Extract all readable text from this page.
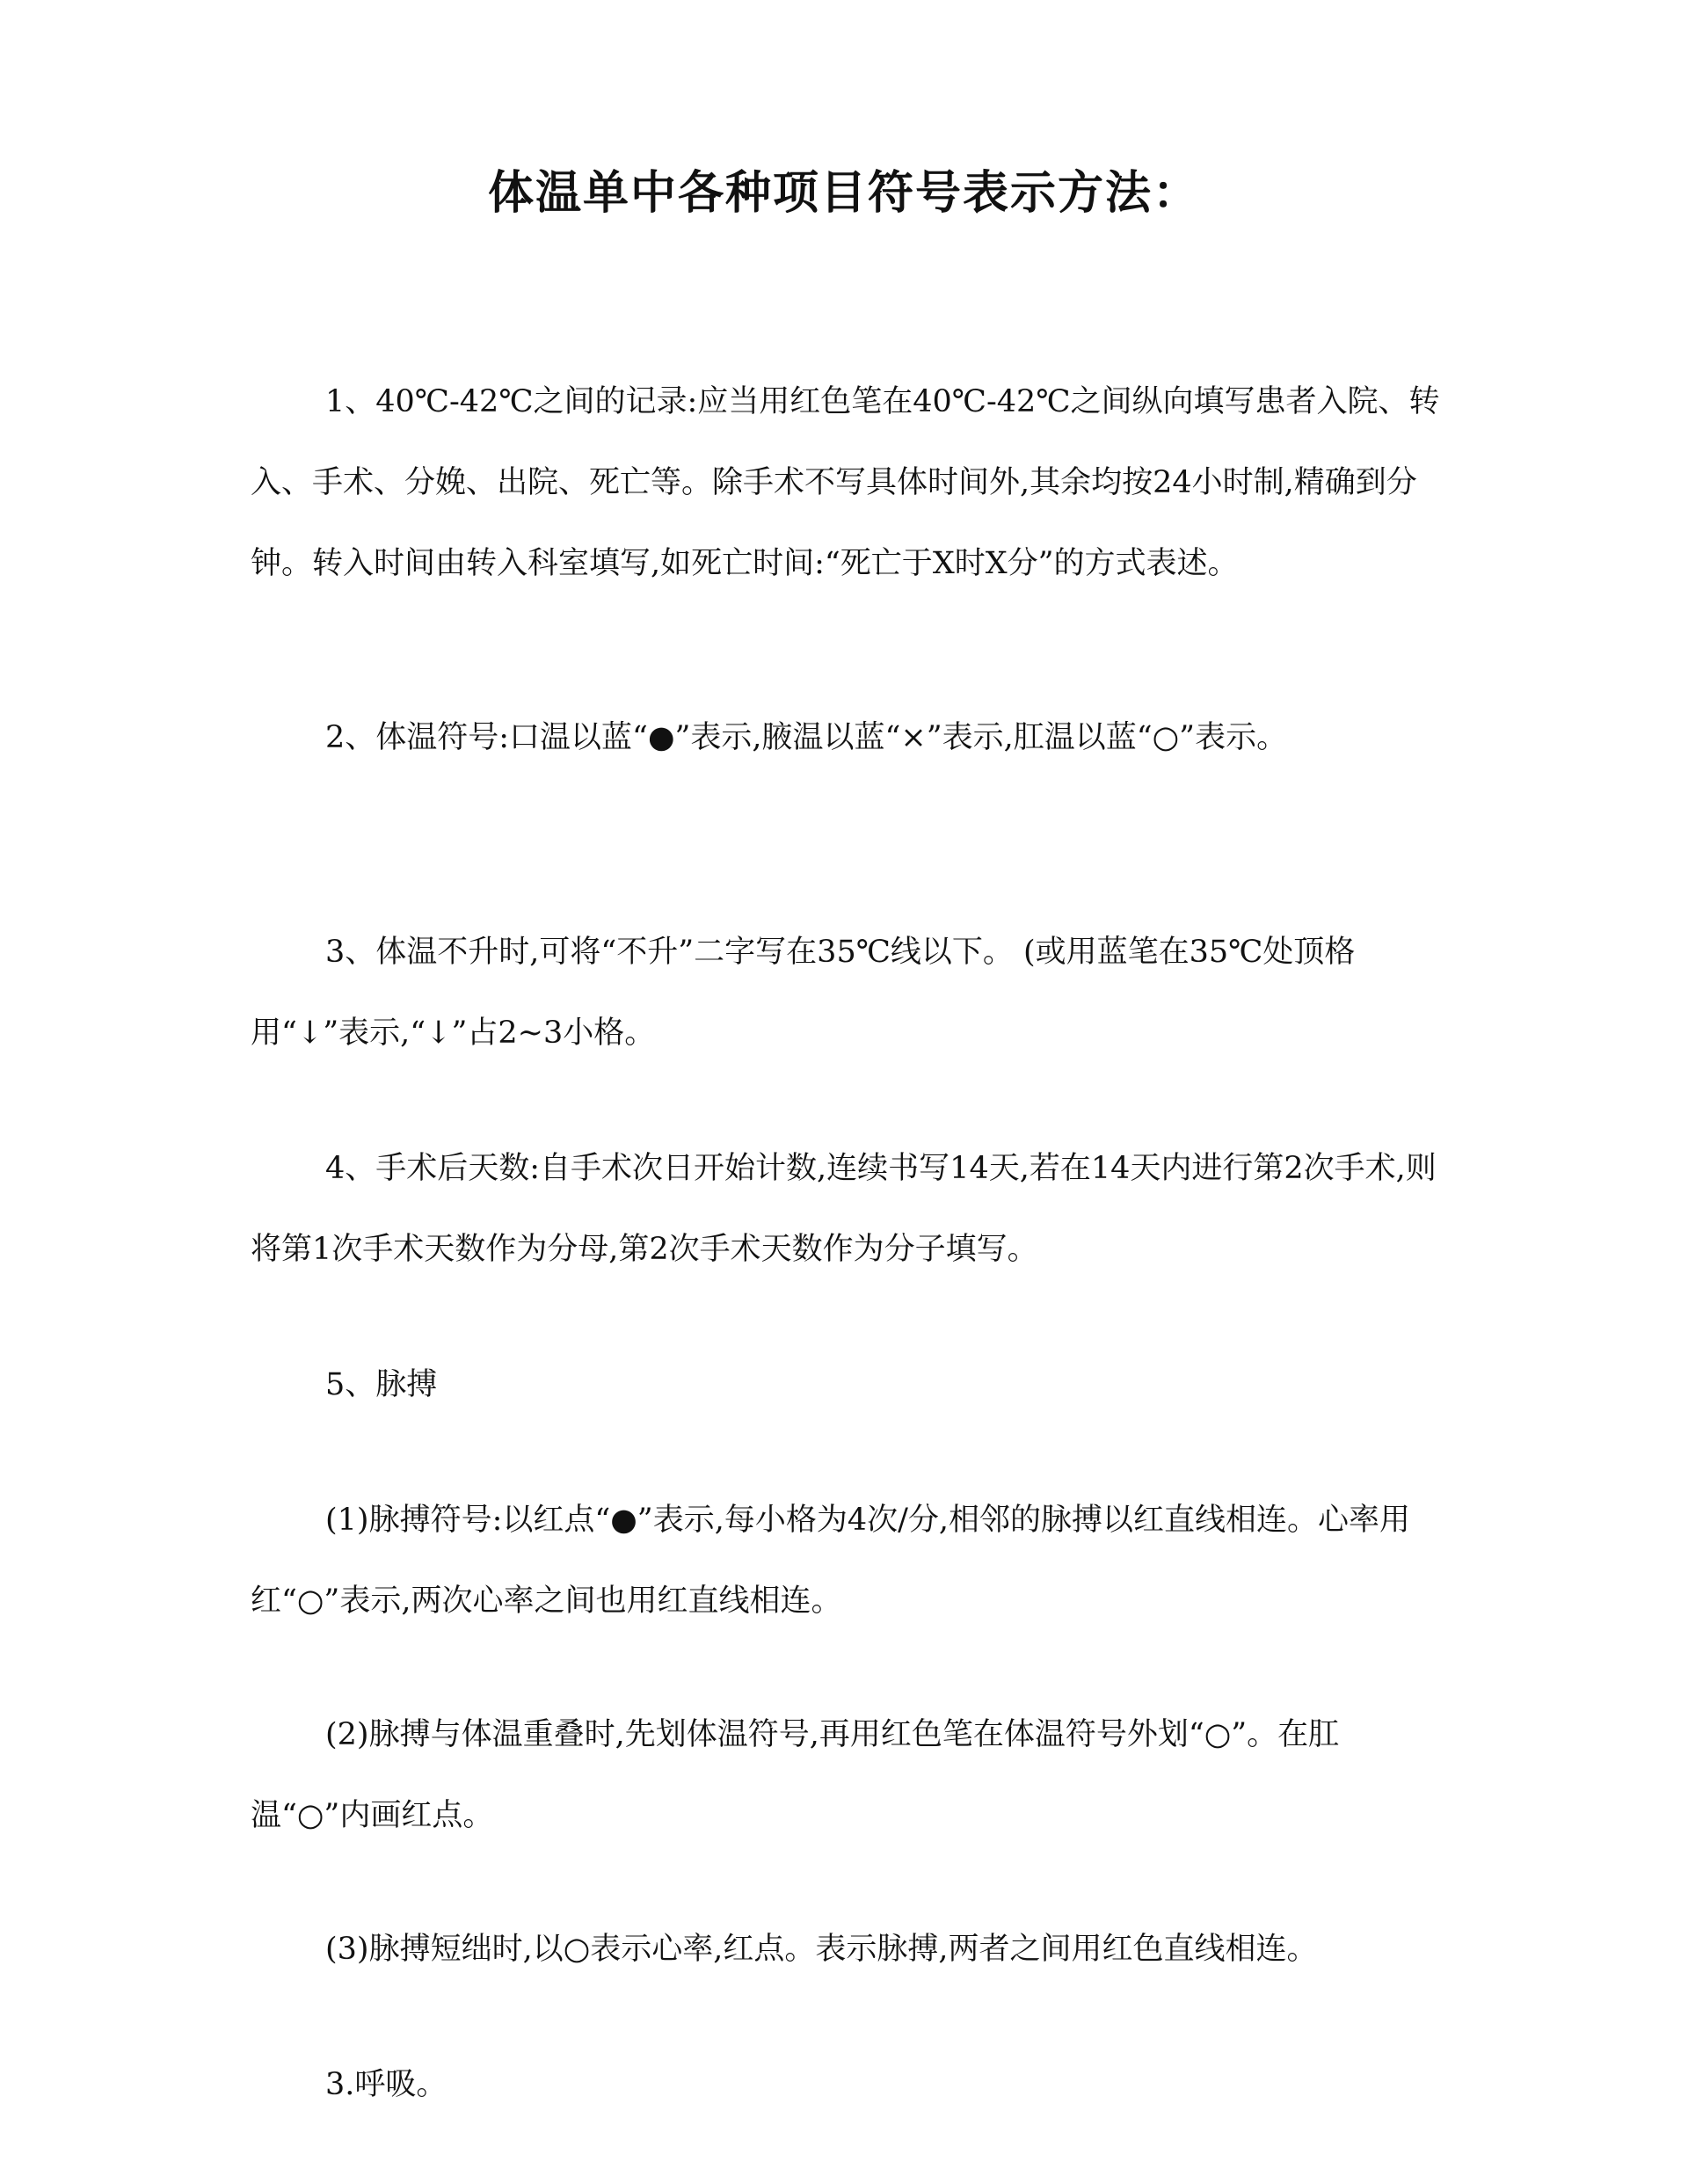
体温单中各种项目符号表示方法：

1、40℃-42℃之间的记录:应当用红色笔在40℃-42℃之间纵向填写患者入院、转入、手术、分娩、出院、死亡等。除手术不写具体时间外,其余均按24小时制,精确到分钟。转入时间由转入科室填写,如死亡时间:“死亡于X时X分”的方式表述。

2、体温符号:口温以蓝“●”表示,腋温以蓝“×”表示,肛温以蓝“○”表示。

3、体温不升时,可将“不升”二字写在35℃线以下。 (或用蓝笔在35℃处顶格用“↓”表示,“↓”占2~3小格。

4、手术后天数:自手术次日开始计数,连续书写14天,若在14天内进行第2次手术,则将第1次手术天数作为分母,第2次手术天数作为分子填写。

5、脉搏

(1)脉搏符号:以红点“●”表示,每小格为4次/分,相邻的脉搏以红直线相连。心率用红“○”表示,两次心率之间也用红直线相连。

(2)脉搏与体温重叠时,先划体温符号,再用红色笔在体温符号外划“○”。在肛温“○”内画红点。

(3)脉搏短绌时,以○表示心率,红点。表示脉搏,两者之间用红色直线相连。

3.呼吸。
